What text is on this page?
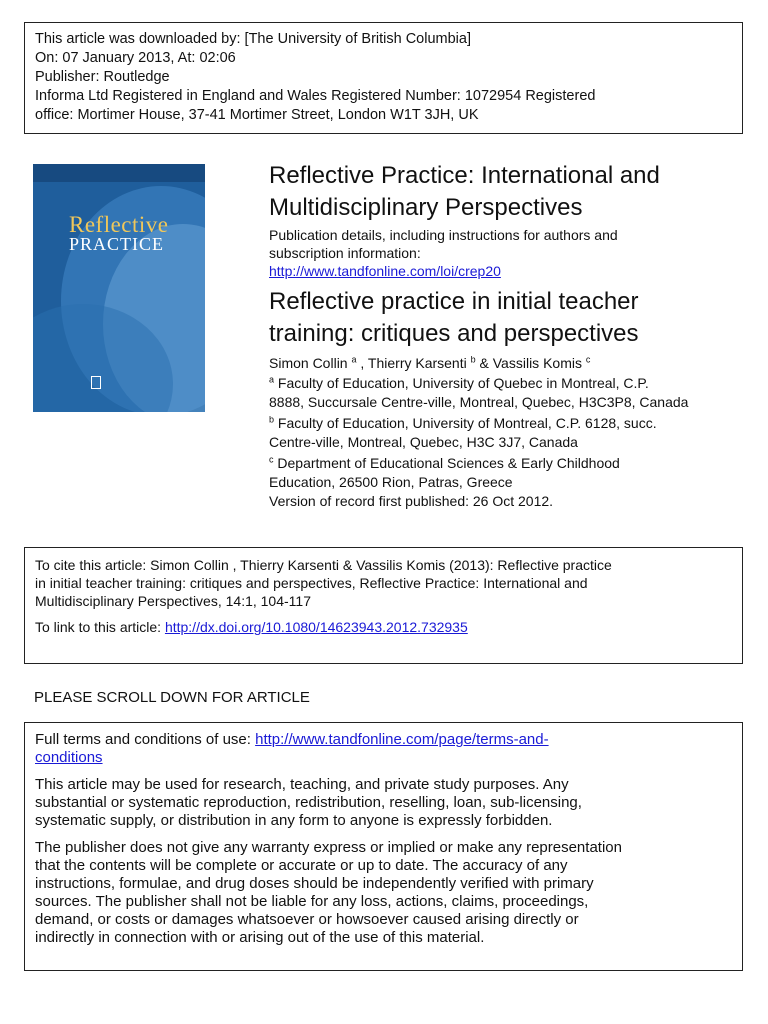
This article was downloaded by: [The University of British Columbia]
On: 07 January 2013, At: 02:06
Publisher: Routledge
Informa Ltd Registered in England and Wales Registered Number: 1072954 Registered
office: Mortimer House, 37-41 Mortimer Street, London W1T 3JH, UK
Reflective
PRACTICE
Reflective Practice: International and
Multidisciplinary Perspectives
Publication details, including instructions for authors and
subscription information:
http://www.tandfonline.com/loi/crep20
Reflective practice in initial teacher
training: critiques and perspectives
Simon Collin $^a$ , Thierry Karsenti $^b$ & Vassilis Komis $^c$
$^a$ Faculty of Education, University of Quebec in Montreal, C.P.
8888, Succursale Centre-ville, Montreal, Quebec, H3C3P8, Canada
$^b$ Faculty of Education, University of Montreal, C.P. 6128, succ.
Centre-ville, Montreal, Quebec, H3C 3J7, Canada
$^c$ Department of Educational Sciences & Early Childhood
Education, 26500 Rion, Patras, Greece
Version of record first published: 26 Oct 2012.
To cite this article: Simon Collin , Thierry Karsenti & Vassilis Komis (2013): Reflective practice
in initial teacher training: critiques and perspectives, Reflective Practice: International and
Multidisciplinary Perspectives, 14:1, 104-117
To link to this article: http://dx.doi.org/10.1080/14623943.2012.732935
PLEASE SCROLL DOWN FOR ARTICLE

Full terms and conditions of use: http://www.tandfonline.com/page/terms-and-
conditions

This article may be used for research, teaching, and private study purposes. Any
substantial or systematic reproduction, redistribution, reselling, loan, sub-licensing,
systematic supply, or distribution in any form to anyone is expressly forbidden.

The publisher does not give any warranty express or implied or make any representation
that the contents will be complete or accurate or up to date. The accuracy of any
instructions, formulae, and drug doses should be independently verified with primary
sources. The publisher shall not be liable for any loss, actions, claims, proceedings,
demand, or costs or damages whatsoever or howsoever caused arising directly or
indirectly in connection with or arising out of the use of this material.
